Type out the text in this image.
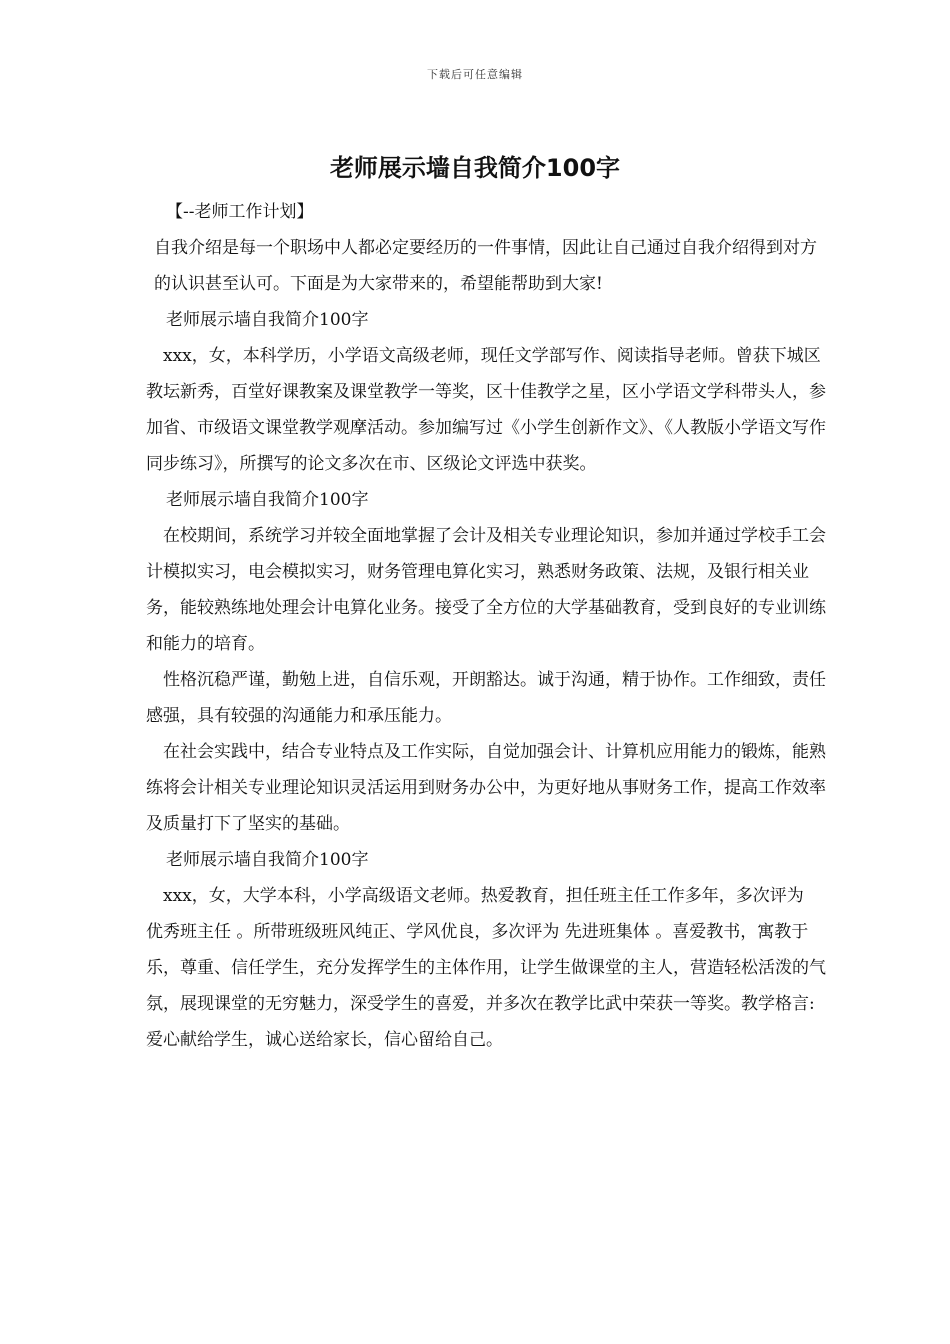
下载后可任意编辑
老师展示墙自我简介100字

【--老师工作计划】

自我介绍是每一个职场中人都必定要经历的一件事情，因此让自己通过自我介绍得到对方的认识甚至认可。下面是为大家带来的，希望能帮助到大家!

老师展示墙自我简介100字

xxx，女，本科学历，小学语文高级老师，现任文学部写作、阅读指导老师。曾获下城区教坛新秀，百堂好课教案及课堂教学一等奖，区十佳教学之星，区小学语文学科带头人，参加省、市级语文课堂教学观摩活动。参加编写过《小学生创新作文》、《人教版小学语文写作同步练习》，所撰写的论文多次在市、区级论文评选中获奖。

老师展示墙自我简介100字

在校期间，系统学习并较全面地掌握了会计及相关专业理论知识，参加并通过学校手工会计模拟实习，电会模拟实习，财务管理电算化实习，熟悉财务政策、法规，及银行相关业务，能较熟练地处理会计电算化业务。接受了全方位的大学基础教育，受到良好的专业训练和能力的培育。

性格沉稳严谨，勤勉上进，自信乐观，开朗豁达。诚于沟通，精于协作。工作细致，责任感强，具有较强的沟通能力和承压能力。

在社会实践中，结合专业特点及工作实际，自觉加强会计、计算机应用能力的锻炼，能熟练将会计相关专业理论知识灵活运用到财务办公中，为更好地从事财务工作，提高工作效率及质量打下了坚实的基础。

老师展示墙自我简介100字

xxx，女，大学本科，小学高级语文老师。热爱教育，担任班主任工作多年，多次评为 优秀班主任 。所带班级班风纯正、学风优良，多次评为 先进班集体 。喜爱教书，寓教于乐，尊重、信任学生，充分发挥学生的主体作用，让学生做课堂的主人，营造轻松活泼的气氛，展现课堂的无穷魅力，深受学生的喜爱，并多次在教学比武中荣获一等奖。教学格言:爱心献给学生，诚心送给家长，信心留给自己。
